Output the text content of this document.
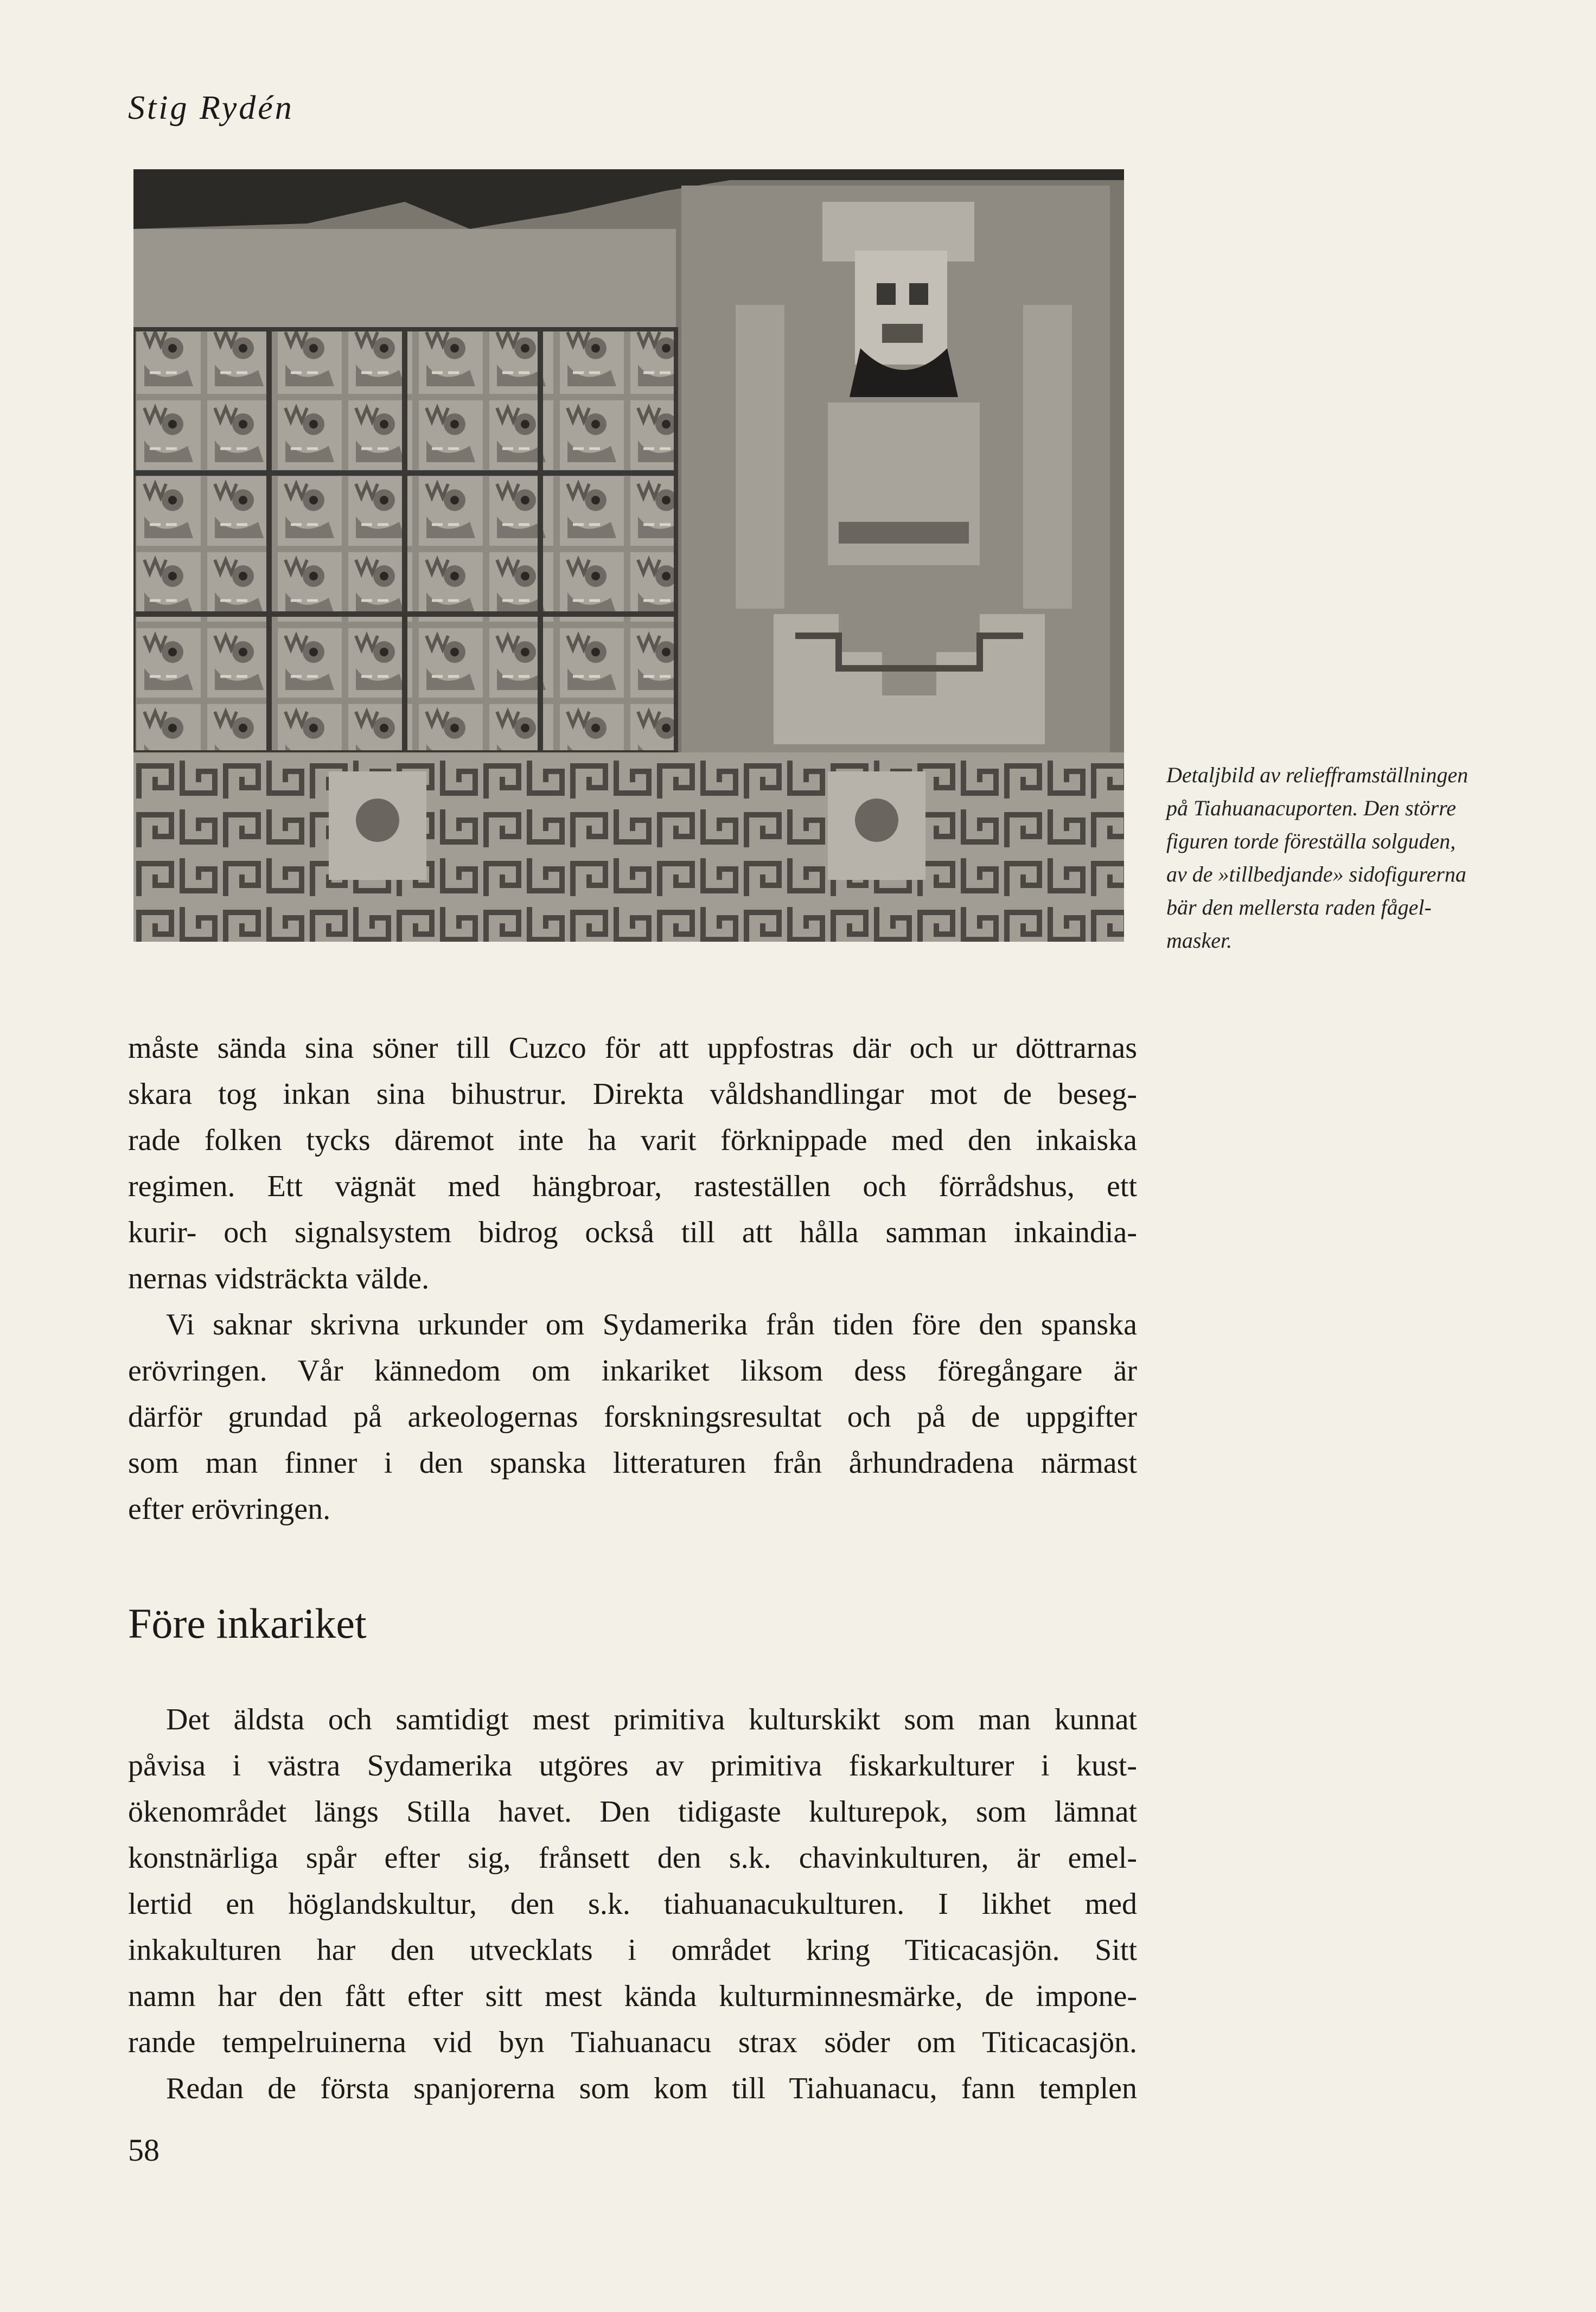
Stig Rydén

Detaljbild av reliefframställningen
på Tiahuanacuporten. Den större
figuren torde föreställa solguden,
av de »tillbedjande» sidofigurerna
bär den mellersta raden fågel-
masker.

måste sända sina söner till Cuzco för att uppfostras där och ur döttrarnas
skara tog inkan sina bihustrur. Direkta våldshandlingar mot de beseg-
rade folken tycks däremot inte ha varit förknippade med den inkaiska
regimen. Ett vägnät med hängbroar, rasteställen och förrådshus, ett
kurir- och signalsystem bidrog också till att hålla samman inkaindia-
nernas vidsträckta välde.

Vi saknar skrivna urkunder om Sydamerika från tiden före den spanska
erövringen. Vår kännedom om inkariket liksom dess föregångare är
därför grundad på arkeologernas forskningsresultat och på de uppgifter
som man finner i den spanska litteraturen från århundradena närmast
efter erövringen.

Före inkariket

Det äldsta och samtidigt mest primitiva kulturskikt som man kunnat
påvisa i västra Sydamerika utgöres av primitiva fiskarkulturer i kust-
ökenområdet längs Stilla havet. Den tidigaste kulturepok, som lämnat
konstnärliga spår efter sig, frånsett den s.k. chavinkulturen, är emel-
lertid en höglandskultur, den s.k. tiahuanacukulturen. I likhet med
inkakulturen har den utvecklats i området kring Titicacasjön. Sitt
namn har den fått efter sitt mest kända kulturminnesmärke, de impone-
rande tempelruinerna vid byn Tiahuanacu strax söder om Titicacasjön.

Redan de första spanjorerna som kom till Tiahuanacu, fann templen

58
